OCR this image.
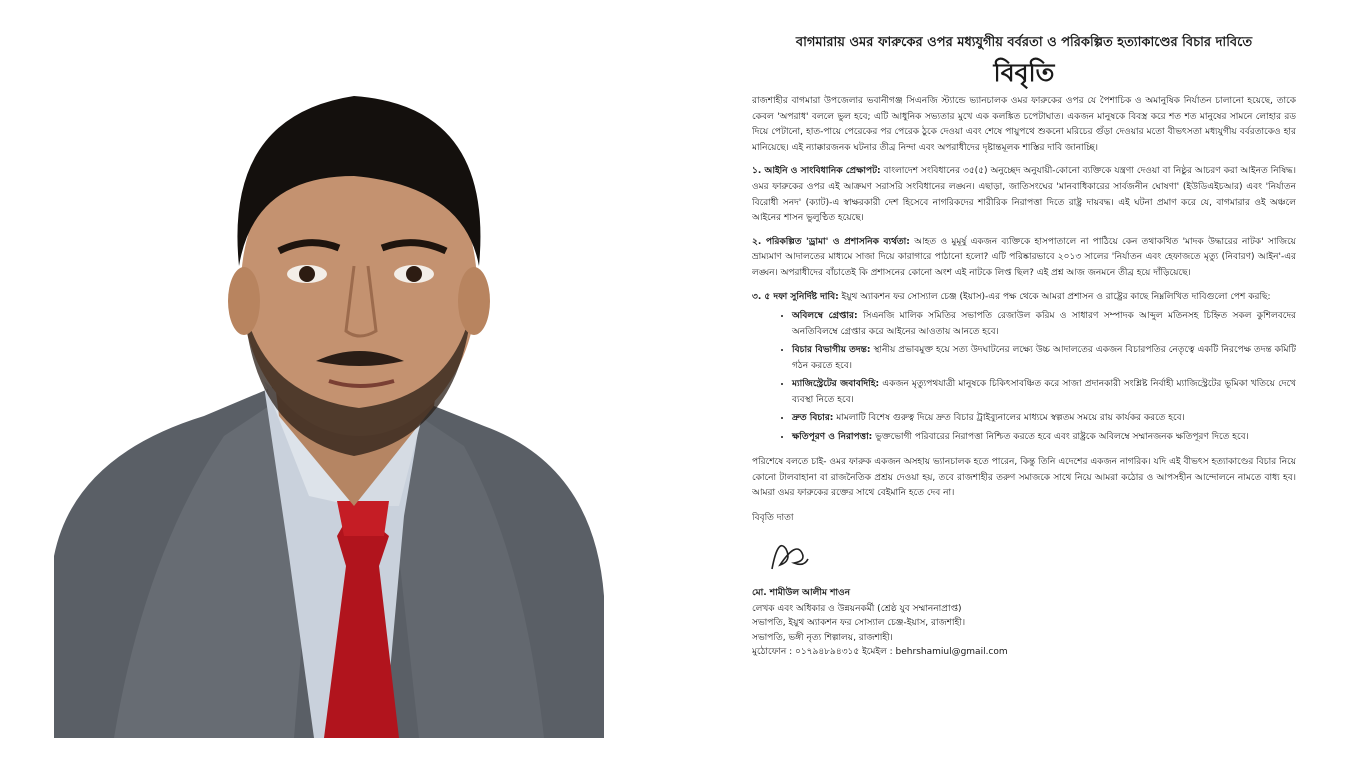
বাগমারায় ওমর ফারুকের ওপর মধ্যযুগীয় বর্বরতা ও পরিকল্পিত হত্যাকাণ্ডের বিচার দাবিতে
বিবৃতি

রাজশাহীর বাগমারা উপজেলার ভবানীগঞ্জ সিএনজি স্ট্যান্ডে ভ্যানচালক ওমর ফারুকের ওপর যে পৈশাচিক ও অমানুষিক নির্যাতন চালানো হয়েছে, তাকে কেবল 'অপরাধ' বললে ভুল হবে; এটি আধুনিক সভ্যতার মুখে এক কলঙ্কিত চপেটাঘাত। একজন মানুষকে বিবস্ত্র করে শত শত মানুষের সামনে লোহার রড দিয়ে পেটানো, হাত-পায়ে পেরেকের পর পেরেক ঠুকে দেওয়া এবং শেষে পায়ুপথে শুকনো মরিচের গুঁড়া দেওয়ার মতো বীভৎসতা মধ্যযুগীয় বর্বরতাকেও হার মানিয়েছে। এই ন্যাক্কারজনক ঘটনার তীব্র নিন্দা এবং অপরাধীদের দৃষ্টান্তমূলক শাস্তির দাবি জানাচ্ছি।

১. আইনি ও সাংবিধানিক প্রেক্ষাপট: বাংলাদেশ সংবিধানের ৩৫(৫) অনুচ্ছেদ অনুযায়ী-কোনো ব্যক্তিকে যন্ত্রণা দেওয়া বা নিষ্ঠুর আচরণ করা আইনত নিষিদ্ধ। ওমর ফারুকের ওপর এই আক্রমণ সরাসরি সংবিধানের লঙ্ঘন। এছাড়া, জাতিসংঘের 'মানবাধিকারের সার্বজনীন ঘোষণা' (ইউডিএইচআর) এবং 'নির্যাতন বিরোধী সনদ' (ক্যাট)-এ স্বাক্ষরকারী দেশ হিসেবে নাগরিকদের শারীরিক নিরাপত্তা দিতে রাষ্ট্র দায়বদ্ধ। এই ঘটনা প্রমাণ করে যে, বাগমারার ওই অঞ্চলে আইনের শাসন ভুলুণ্ঠিত হয়েছে।

২. পরিকল্পিত 'ড্রামা' ও প্রশাসনিক ব্যর্থতা: আহত ও মুমূর্ষু একজন ব্যক্তিকে হাসপাতালে না পাঠিয়ে কেন তথাকথিত 'মাদক উদ্ধারের নাটক' সাজিয়ে ভ্রাম্যমাণ আদালতের মাধ্যমে সাজা দিয়ে কারাগারে পাঠানো হলো? এটি পরিষ্কারভাবে ২০১৩ সালের 'নির্যাতন এবং হেফাজতে মৃত্যু (নিবারণ) আইন'-এর লঙ্ঘন। অপরাধীদের বাঁচাতেই কি প্রশাসনের কোনো অংশ এই নাটকে লিপ্ত ছিল? এই প্রশ্ন আজ জনমনে তীব্র হয়ে দাঁড়িয়েছে।

৩. ৫ দফা সুনির্দিষ্ট দাবি: ইয়ুথ অ্যাকশন ফর সোস্যাল চেঞ্জ (ইয়াস)-এর পক্ষ থেকে আমরা প্রশাসন ও রাষ্ট্রের কাছে নিম্নলিখিত দাবিগুলো পেশ করছি:

• অবিলম্বে গ্রেপ্তার: সিএনজি মালিক সমিতির সভাপতি রেজাউল করিম ও সাধারণ সম্পাদক আব্দুল মতিনসহ চিহ্নিত সকল কুশিলবদের অনতিবিলম্বে গ্রেপ্তার করে আইনের আওতায় আনতে হবে।
• বিচার বিভাগীয় তদন্ত: স্থানীয় প্রভাবমুক্ত হয়ে সত্য উদঘাটনের লক্ষ্যে উচ্চ আদালতের একজন বিচারপতির নেতৃত্বে একটি নিরপেক্ষ তদন্ত কমিটি গঠন করতে হবে।
• ম্যাজিস্ট্রেটের জবাবদিহি: একজন মৃত্যুপথযাত্রী মানুষকে চিকিৎসাবঞ্চিত করে সাজা প্রদানকারী সংশ্লিষ্ট নির্বাহী ম্যাজিস্ট্রেটের ভূমিকা খতিয়ে দেখে ব্যবস্থা নিতে হবে।
• দ্রুত বিচার: মামলাটি বিশেষ গুরুত্ব দিয়ে দ্রুত বিচার ট্রাইব্যুনালের মাধ্যমে স্বল্পতম সময়ে রায় কার্যকর করতে হবে।
• ক্ষতিপূরণ ও নিরাপত্তা: ভুক্তভোগী পরিবারের নিরাপত্তা নিশ্চিত করতে হবে এবং রাষ্ট্রকে অবিলম্বে সম্মানজনক ক্ষতিপূরণ দিতে হবে।

পরিশেষে বলতে চাই- ওমর ফারুক একজন অসহায় ভ্যানচালক হতে পারেন, কিন্তু তিনি এদেশের একজন নাগরিক। যদি এই বীভৎস হত্যাকাণ্ডের বিচার নিয়ে কোনো টালবাহানা বা রাজনৈতিক প্রশ্রয় দেওয়া হয়, তবে রাজশাহীর তরুণ সমাজকে সাথে নিয়ে আমরা কঠোর ও আপসহীন আন্দোলনে নামতে বাধ্য হব। আমরা ওমর ফারুকের রক্তের সাথে বেইমানি হতে দেব না।

বিবৃতি দাতা
মো. শামীউল আলীম শাওন

লেখক এবং অধিকার ও উন্নয়নকর্মী (শ্রেষ্ঠ যুব সম্মাননাপ্রাপ্ত)

সভাপতি, ইয়ুথ অ্যাকশন ফর সোস্যাল চেঞ্জ-ইয়াস, রাজশাহী।

সভাপতি, ভঙ্গী নৃত্য শিল্পালয়, রাজশাহী।

মুঠোফোন : ০১৭৯৪৮৯৪৩১৫ ইমেইল : behrshamiul@gmail.com
